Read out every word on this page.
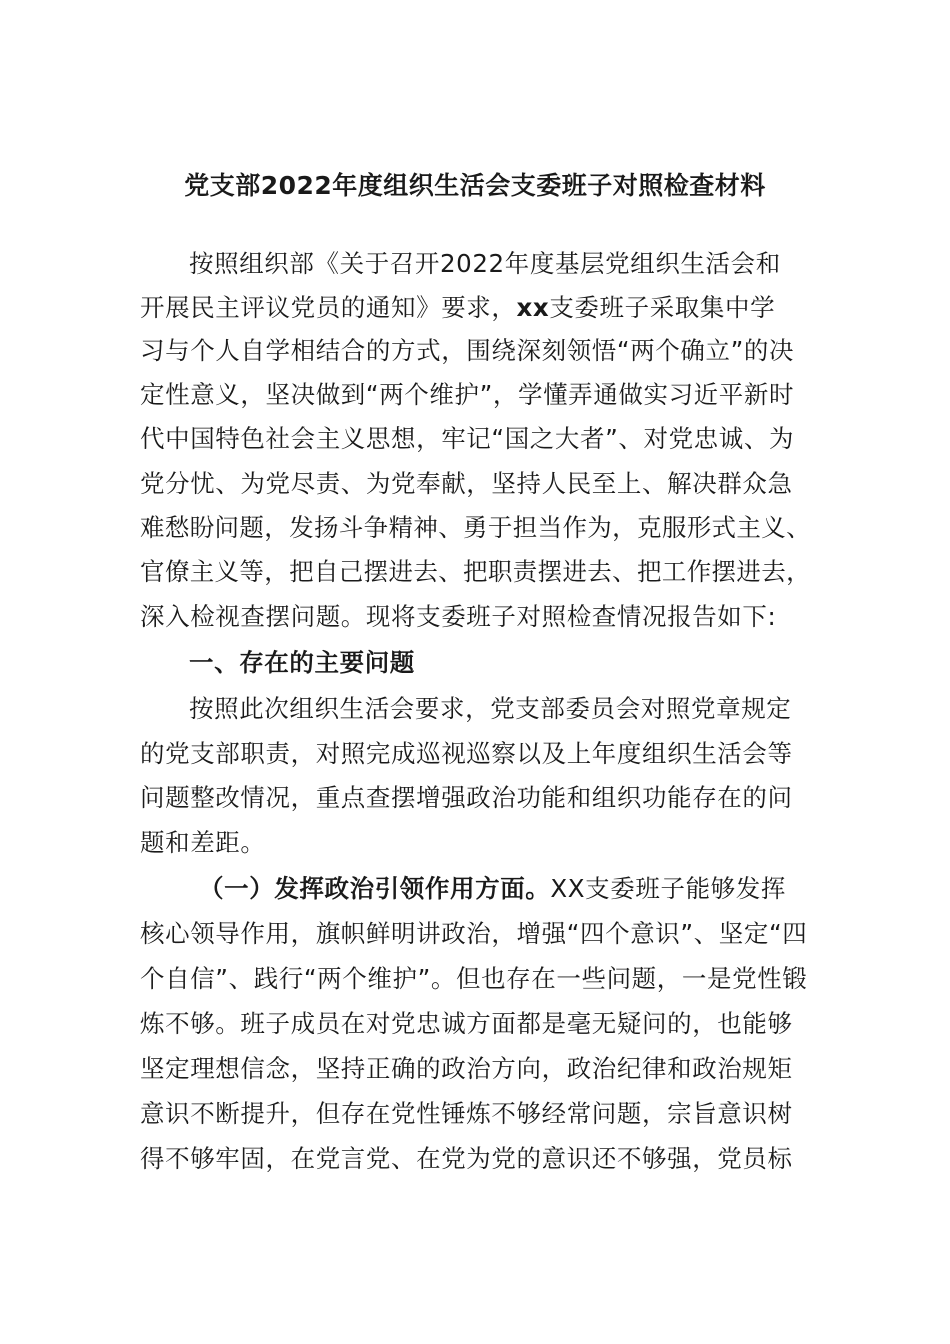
党支部2022年度组织生活会支委班子对照检查材料
按照组织部《关于召开2022年度基层党组织生活会和
开展民主评议党员的通知》要求，xx支委班子采取集中学
习与个人自学相结合的方式，围绕深刻领悟“两个确立”的决
定性意义，坚决做到“两个维护”，学懂弄通做实习近平新时
代中国特色社会主义思想，牢记“国之大者”、对党忠诚、为
党分忧、为党尽责、为党奉献，坚持人民至上、解决群众急
难愁盼问题，发扬斗争精神、勇于担当作为，克服形式主义、
官僚主义等，把自己摆进去、把职责摆进去、把工作摆进去，
深入检视查摆问题。现将支委班子对照检查情况报告如下:
一、存在的主要问题
按照此次组织生活会要求，党支部委员会对照党章规定
的党支部职责，对照完成巡视巡察以及上年度组织生活会等
问题整改情况，重点查摆增强政治功能和组织功能存在的问
题和差距。
（一）发挥政治引领作用方面。XX支委班子能够发挥
核心领导作用，旗帜鲜明讲政治，增强“四个意识”、坚定“四
个自信”、践行“两个维护”。但也存在一些问题，一是党性锻
炼不够。班子成员在对党忠诚方面都是毫无疑问的，也能够
坚定理想信念，坚持正确的政治方向，政治纪律和政治规矩
意识不断提升，但存在党性锤炼不够经常问题，宗旨意识树
得不够牢固，在党言党、在党为党的意识还不够强，党员标
